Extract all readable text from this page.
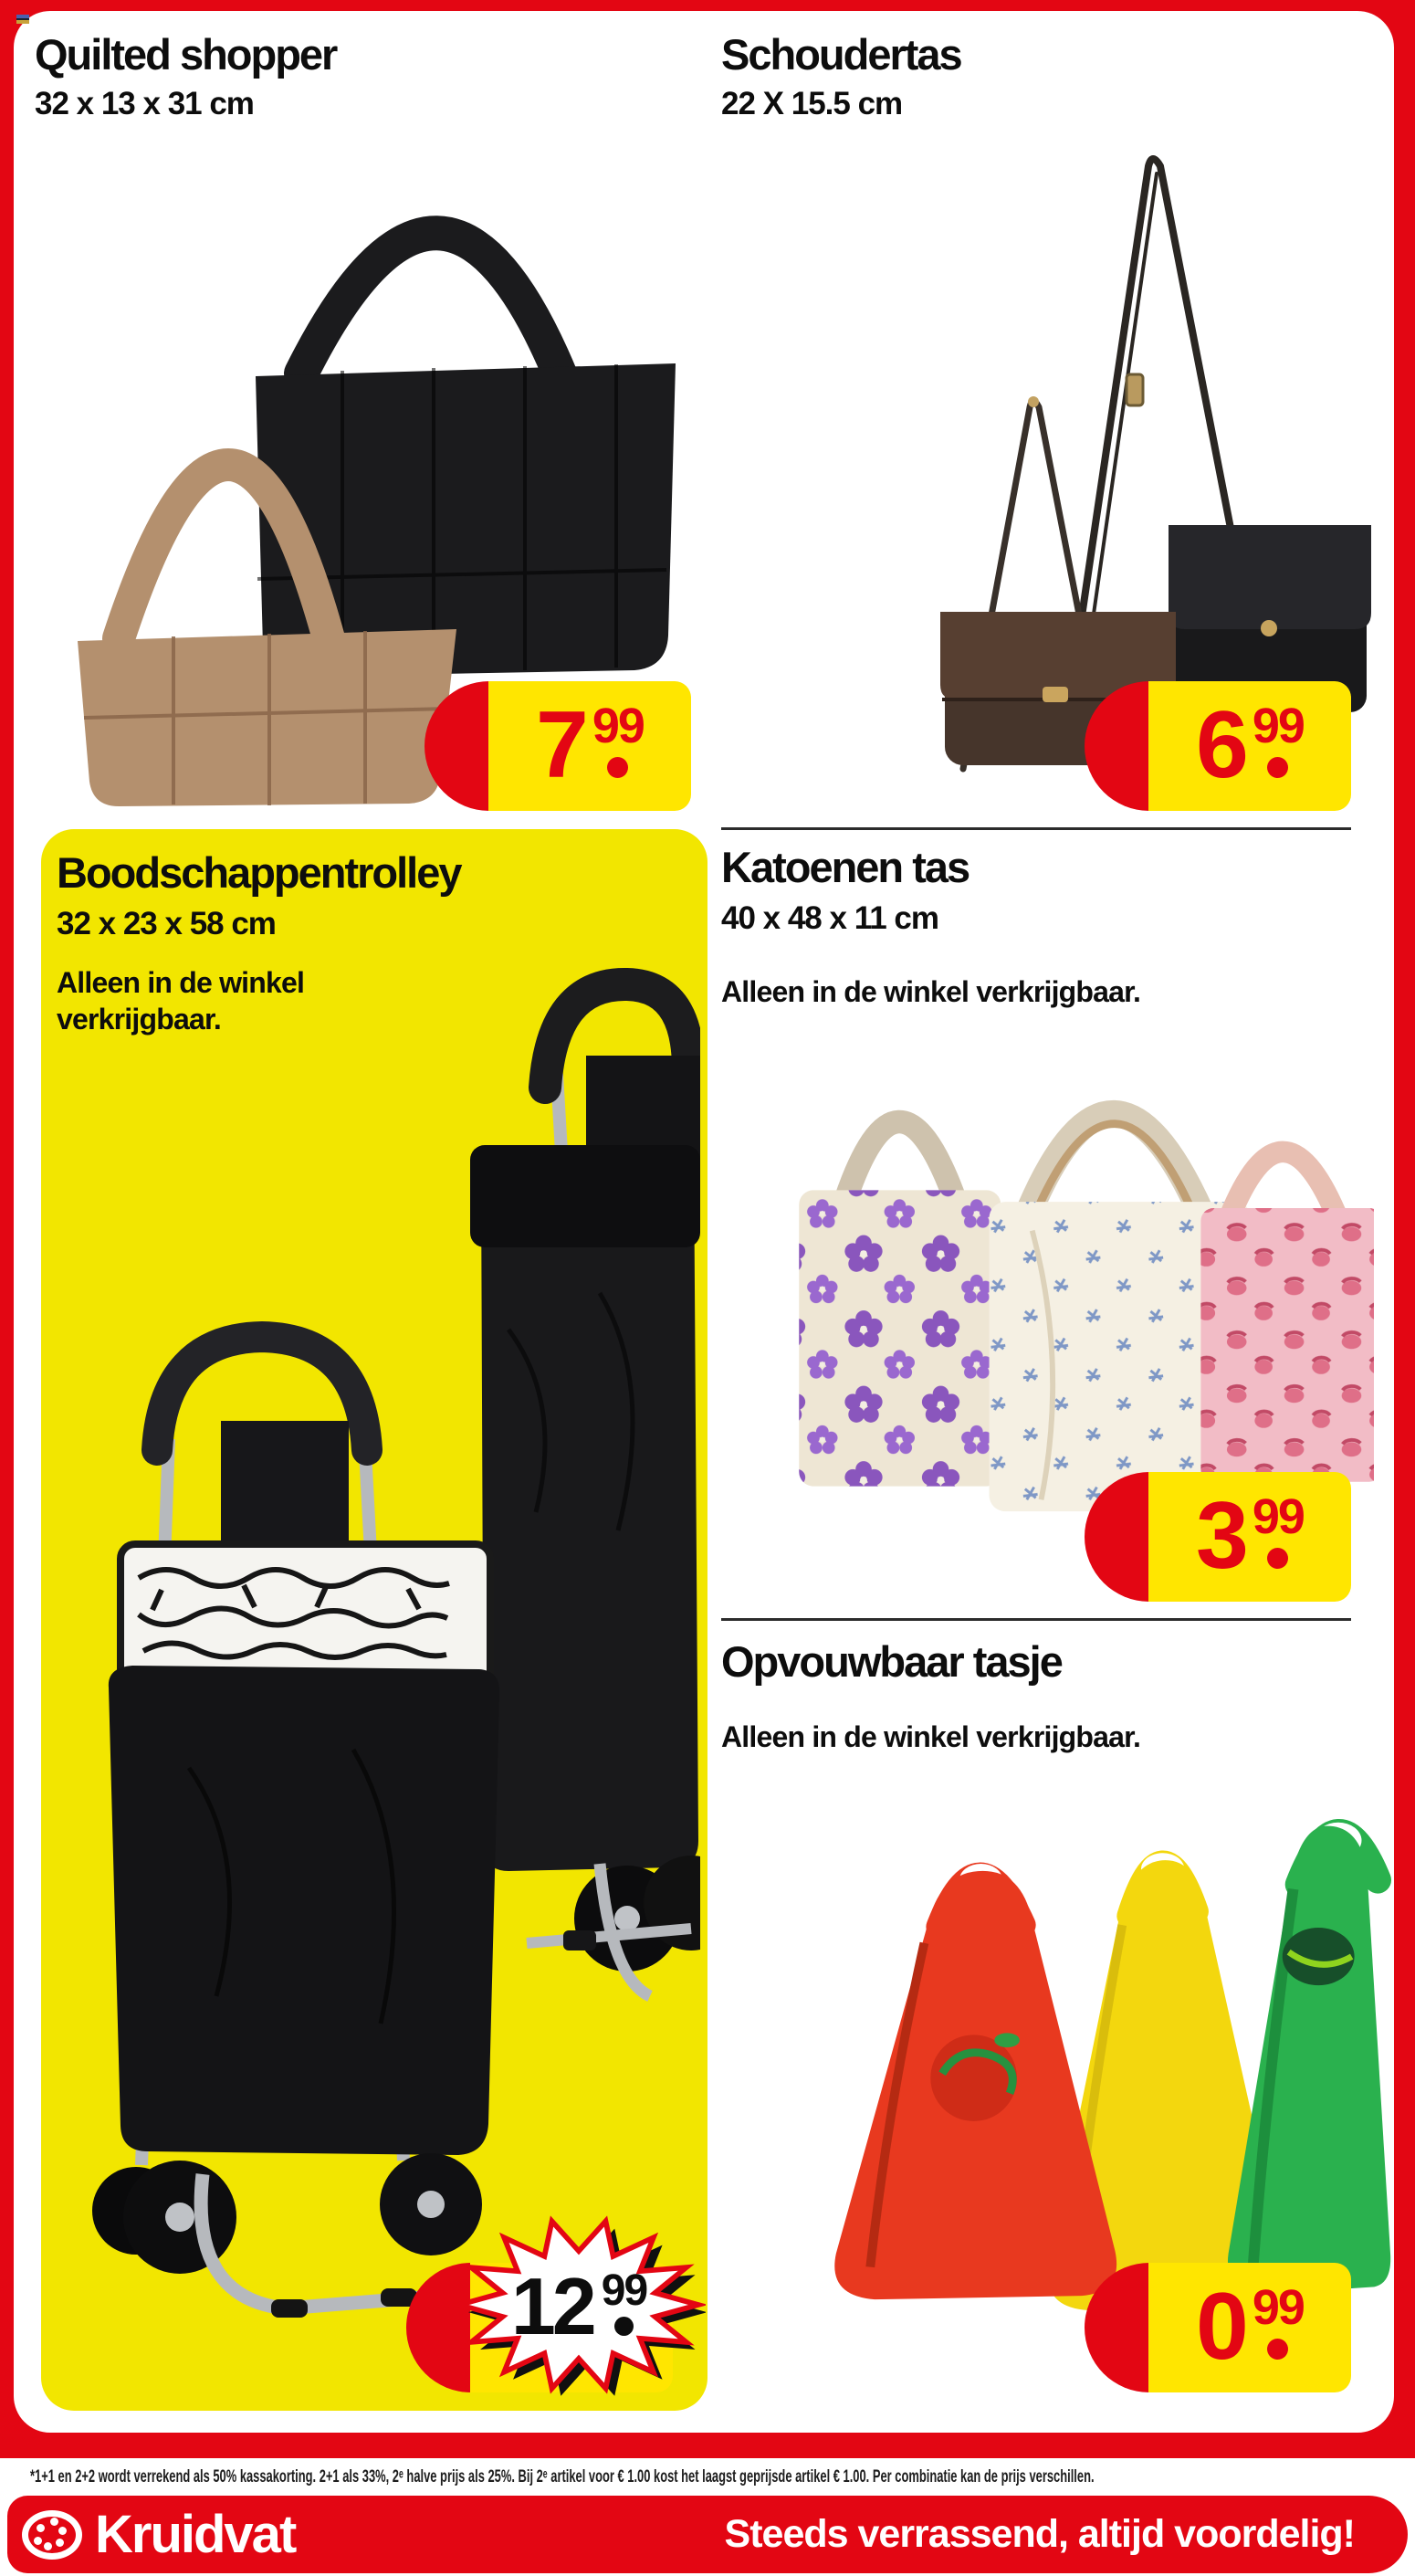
Quilted shopper
32 x 13 x 31 cm
7 99
Schoudertas
22 X 15.5 cm
6 99
Boodschappentrolley
32 x 23 x 58 cm
Alleen in de winkel
verkrijgbaar.
12 99
Katoenen tas
40 x 48 x 11 cm
Alleen in de winkel verkrijgbaar.
3 99
Opvouwbaar tasje
Alleen in de winkel verkrijgbaar.
0 99
*1+1 en 2+2 wordt verrekend als 50% kassakorting. 2+1 als 33%, 2ᵉ halve prijs als 25%. Bij 2ᵉ artikel voor € 1.00 kost het laagst geprijsde artikel € 1.00. Per combinatie kan de prijs verschillen.
Kruidvat	Steeds verrassend, altijd voordelig!
